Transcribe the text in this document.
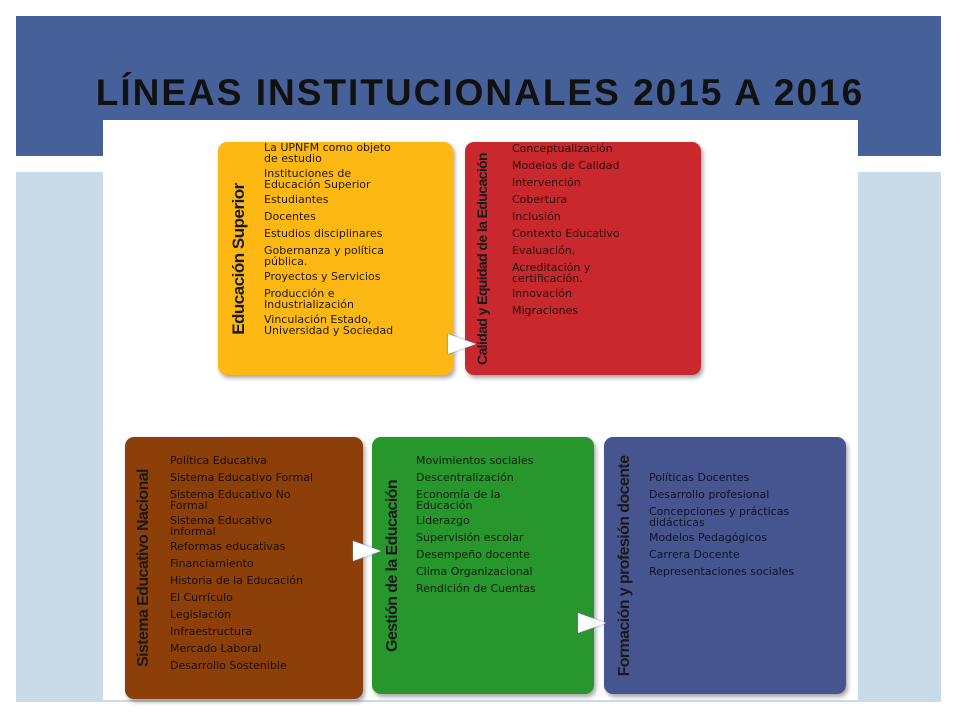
LÍNEAS INSTITUCIONALES 2015 A 2016
Educación Superior
La UPNFM como objeto
de estudio
Instituciones de
Educación Superior
Estudiantes
Docentes
Estudios disciplinares
Gobernanza y política
pública.
Proyectos y Servicios
Producción e
Industrialización
Vinculación Estado,
Universidad y Sociedad	Calidad y Equidad de la Educación
Conceptualización
Modelos de Calidad
Intervención
Cobertura
Inclusión
Contexto Educativo
Evaluación,
Acreditación y
certificación.
Innovación
Migraciones
Sistema Educativo Nacional
Política Educativa
Sistema Educativo Formal
Sistema Educativo No
Formal
Sistema Educativo
Informal
Reformas educativas
Financiamiento
Historia de la Educación
El Currículo
Legislación
Infraestructura
Mercado Laboral
Desarrollo Sostenible
Gestión de la Educación
Movimientos sociales
Descentralización
Economía de la
Educación
Liderazgo
Supervisión escolar
Desempeño docente
Clima Organizacional
Rendición de Cuentas	Formación y profesión docente Políticas Docentes
Desarrollo profesional
Concepciones y prácticas
didácticas
Modelos Pedagógicos
Carrera Docente
Representaciones sociales
